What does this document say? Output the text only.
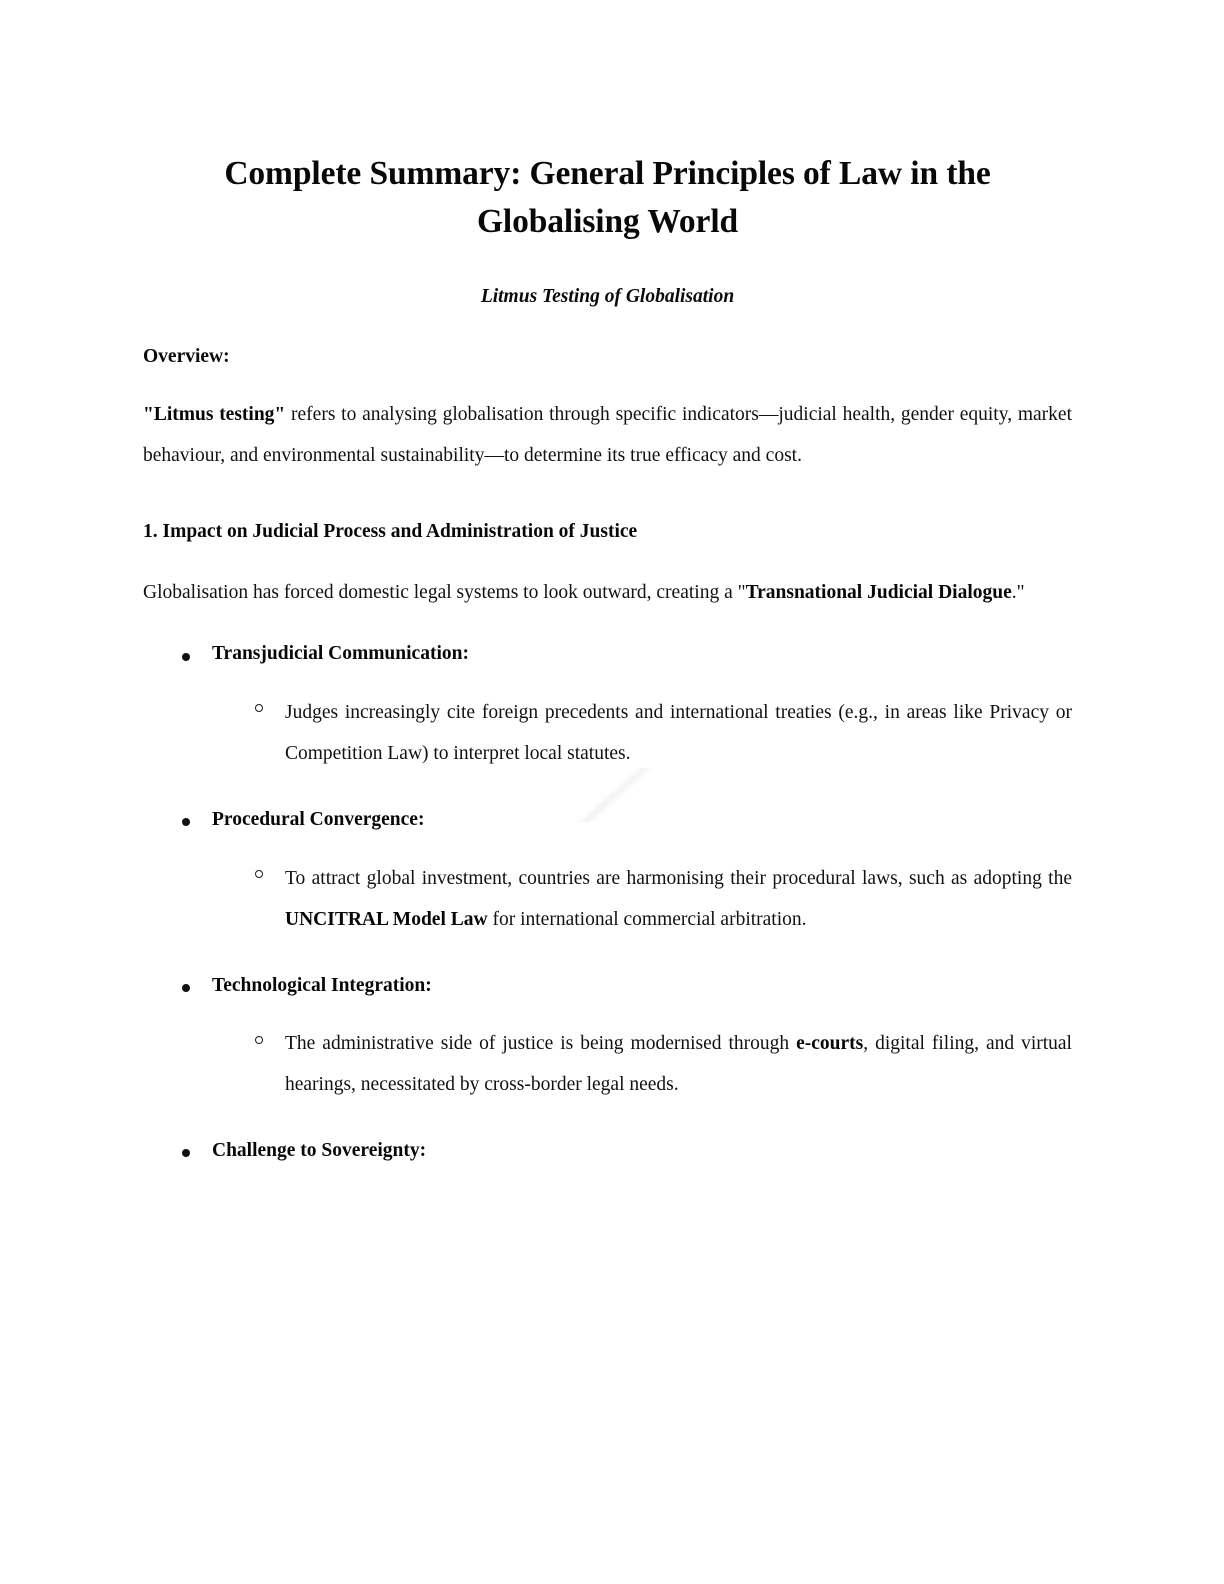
Complete Summary: General Principles of Law in the Globalising World
Litmus Testing of Globalisation
Overview:

"Litmus testing" refers to analysing globalisation through specific indicators—judicial health, gender equity, market behaviour, and environmental sustainability—to determine its true efficacy and cost.

1. Impact on Judicial Process and Administration of Justice

Globalisation has forced domestic legal systems to look outward, creating a "Transnational Judicial Dialogue."

Transjudicial Communication:
Judges increasingly cite foreign precedents and international treaties (e.g., in areas like Privacy or Competition Law) to interpret local statutes.
Procedural Convergence:
To attract global investment, countries are harmonising their procedural laws, such as adopting the UNCITRAL Model Law for international commercial arbitration.
Technological Integration:
The administrative side of justice is being modernised through e-courts, digital filing, and virtual hearings, necessitated by cross-border legal needs.
Challenge to Sovereignty:
